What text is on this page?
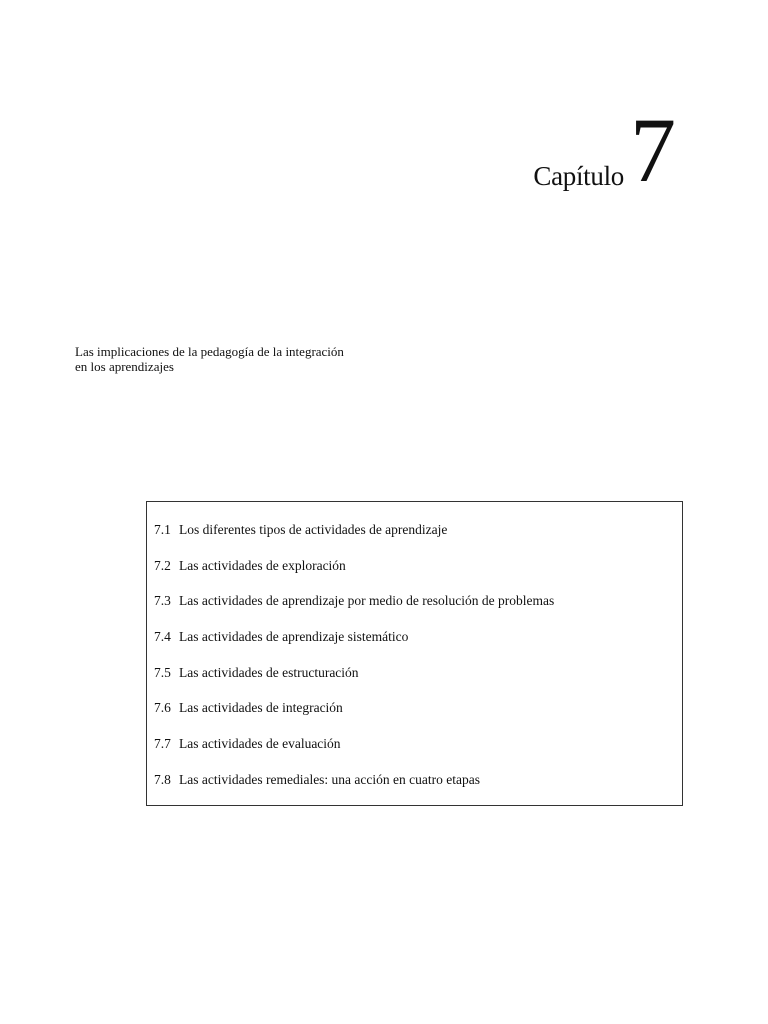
Capítulo 7
Las implicaciones de la pedagogía de la integración
en los aprendizajes
7.1 Los diferentes tipos de actividades de aprendizaje
7.2 Las actividades de exploración
7.3 Las actividades de aprendizaje por medio de resolución de problemas
7.4 Las actividades de aprendizaje sistemático
7.5 Las actividades de estructuración
7.6 Las actividades de integración
7.7 Las actividades de evaluación
7.8 Las actividades remediales: una acción en cuatro etapas
